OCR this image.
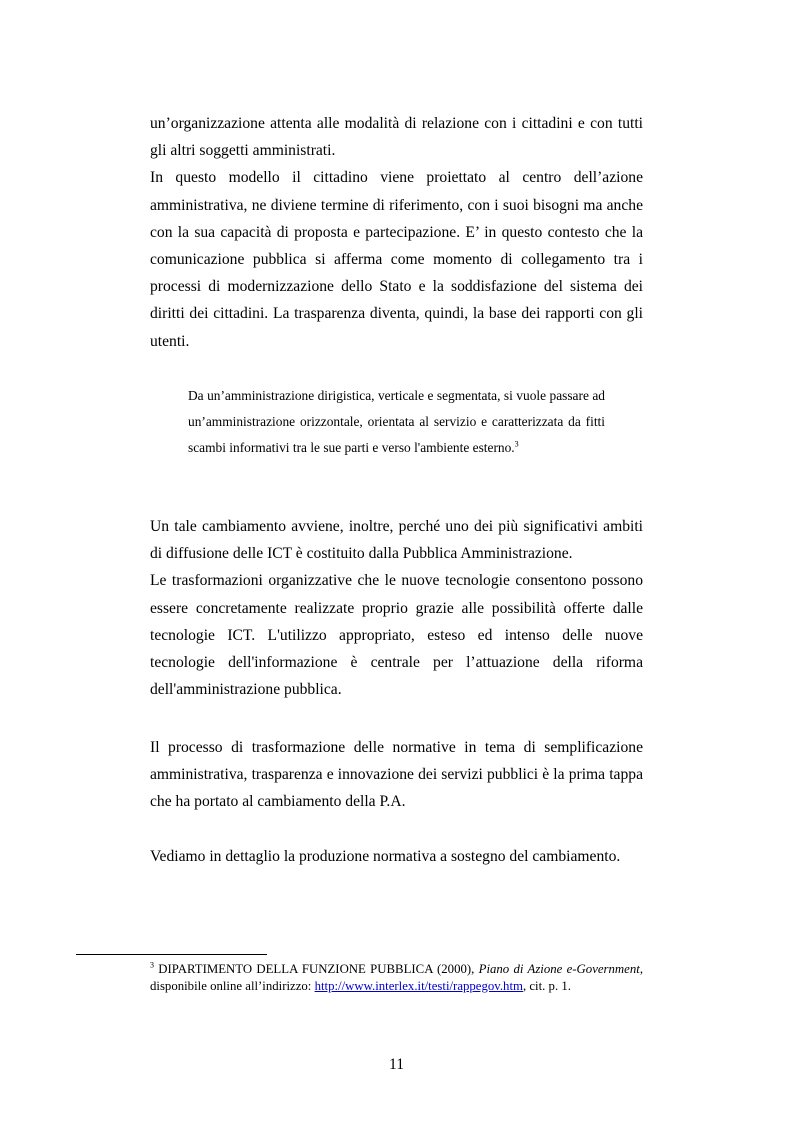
un’organizzazione attenta alle modalità di relazione con i cittadini e con tutti gli altri soggetti amministrati.

In questo modello il cittadino viene proiettato al centro dell’azione amministrativa, ne diviene termine di riferimento, con i suoi bisogni ma anche con la sua capacità di proposta e partecipazione. E’ in questo contesto che la comunicazione pubblica si afferma come momento di collegamento tra i processi di modernizzazione dello Stato e la soddisfazione del sistema dei diritti dei cittadini. La trasparenza diventa, quindi, la base dei rapporti con gli utenti.

Da un’amministrazione dirigistica, verticale e segmentata, si vuole passare ad un’amministrazione orizzontale, orientata al servizio e caratterizzata da fitti scambi informativi tra le sue parti e verso l'ambiente esterno.$^3$

Un tale cambiamento avviene, inoltre, perché uno dei più significativi ambiti di diffusione delle ICT è costituito dalla Pubblica Amministrazione.

Le trasformazioni organizzative che le nuove tecnologie consentono possono essere concretamente realizzate proprio grazie alle possibilità offerte dalle tecnologie ICT. L'utilizzo appropriato, esteso ed intenso delle nuove tecnologie dell'informazione è centrale per l’attuazione della riforma dell'amministrazione pubblica.

Il processo di trasformazione delle normative in tema di semplificazione amministrativa, trasparenza e innovazione dei servizi pubblici è la prima tappa che ha portato al cambiamento della P.A.

Vediamo in dettaglio la produzione normativa a sostegno del cambiamento.

$^3$ DIPARTIMENTO DELLA FUNZIONE PUBBLICA (2000), Piano di Azione e-Government, disponibile online all’indirizzo: http://www.interlex.it/testi/rappegov.htm, cit. p. 1.
11
